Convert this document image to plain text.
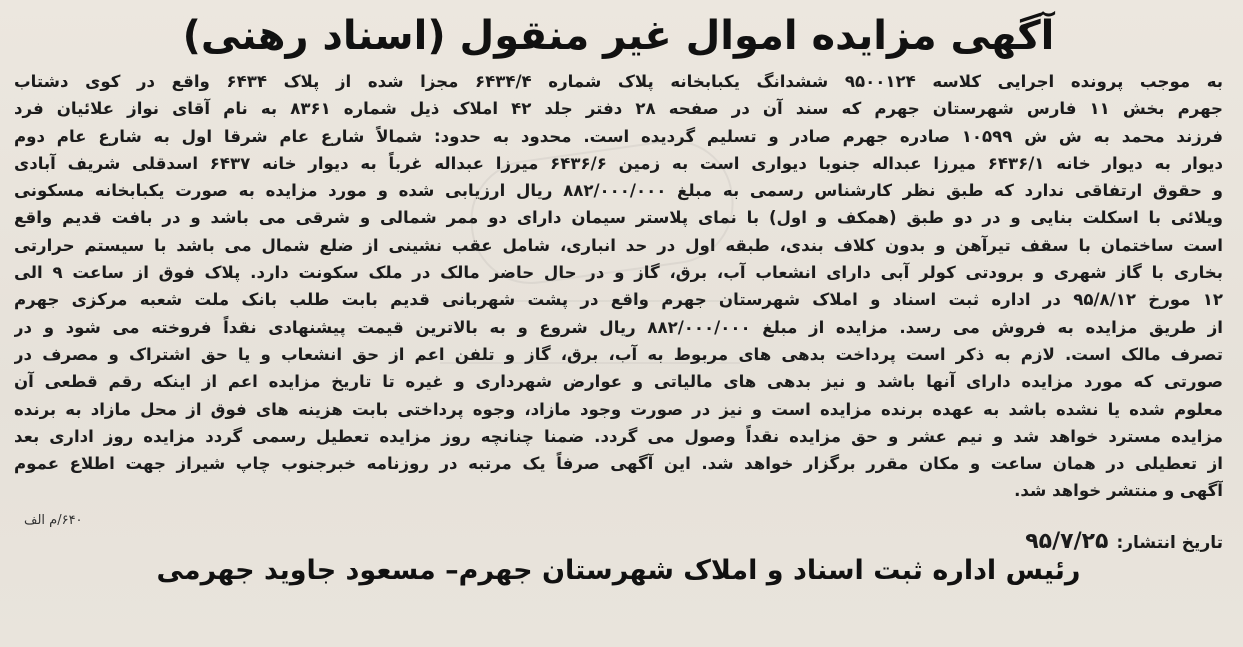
آگهی مزایده اموال غیر منقول (اسناد رهنی)
به موجب پرونده اجرایی کلاسه ۹۵۰۰۱۲۴ ششدانگ یکبابخانه پلاک شماره ۶۴۳۴/۴ مجزا شده از پلاک ۶۴۳۴ واقع در کوی دشتاب
جهرم بخش ۱۱ فارس شهرستان جهرم که سند آن در صفحه ۲۸ دفتر جلد ۴۲ املاک ذیل شماره ۸۳۶۱ به نام آقای نواز علائیان فرد
فرزند محمد به ش ش ۱۰۵۹۹ صادره جهرم صادر و تسلیم گردیده است. محدود به حدود: شمالاً شارع عام شرقا اول به شارع عام دوم
دیوار به دیوار خانه ۶۴۳۶/۱ میرزا عبداله جنوبا دیواری است به زمین ۶۴۳۶/۶ میرزا عبداله غرباً به دیوار خانه ۶۴۳۷ اسدقلی شریف آبادی
و حقوق ارتفاقی ندارد که طبق نظر کارشناس رسمی به مبلغ ۸۸۲/۰۰۰/۰۰۰ ریال ارزیابی شده و مورد مزایده به صورت یکبابخانه مسکونی
ویلائی با اسکلت بنایی و در دو طبق (همکف و اول) با نمای پلاستر سیمان دارای دو ممر شمالی و شرقی می باشد و در بافت قدیم واقع
است ساختمان با سقف تیرآهن و بدون کلاف بندی، طبقه اول در حد انباری، شامل عقب نشینی از ضلع شمال می باشد با سیستم حرارتی
بخاری با گاز شهری و برودتی کولر آبی دارای انشعاب آب، برق، گاز و در حال حاضر مالک در ملک سکونت دارد. پلاک فوق از ساعت ۹ الی
۱۲ مورخ ۹۵/۸/۱۲ در اداره ثبت اسناد و املاک شهرستان جهرم واقع در پشت شهربانی قدیم بابت طلب بانک ملت شعبه مرکزی جهرم
از طریق مزایده به فروش می رسد. مزایده از مبلغ ۸۸۲/۰۰۰/۰۰۰ ریال شروع و به بالاترین قیمت پیشنهادی نقداً فروخته می شود و در
تصرف مالک است. لازم به ذکر است پرداخت بدهی های مربوط به آب، برق، گاز و تلفن اعم از حق انشعاب و یا حق اشتراک و مصرف در
صورتی که مورد مزایده دارای آنها باشد و نیز بدهی های مالیاتی و عوارض شهرداری و غیره تا تاریخ مزایده اعم از اینکه رقم قطعی آن
معلوم شده یا نشده باشد به عهده برنده مزایده است و نیز در صورت وجود مازاد، وجوه پرداختی بابت هزینه های فوق از محل مازاد به برنده
مزایده مسترد خواهد شد و نیم عشر و حق مزایده نقداً وصول می گردد. ضمنا چنانچه روز مزایده تعطیل رسمی گردد مزایده روز اداری بعد
از تعطیلی در همان ساعت و مکان مقرر برگزار خواهد شد. این آگهی صرفاً یک مرتبه در روزنامه خبرجنوب چاپ شیراز جهت اطلاع عموم
آگهی و منتشر خواهد شد.
تاریخ انتشار:۹۵/۷/۲۵
۶۴۰/م الف
رئیس اداره ثبت اسناد و املاک شهرستان جهرم– مسعود جاوید جهرمی
